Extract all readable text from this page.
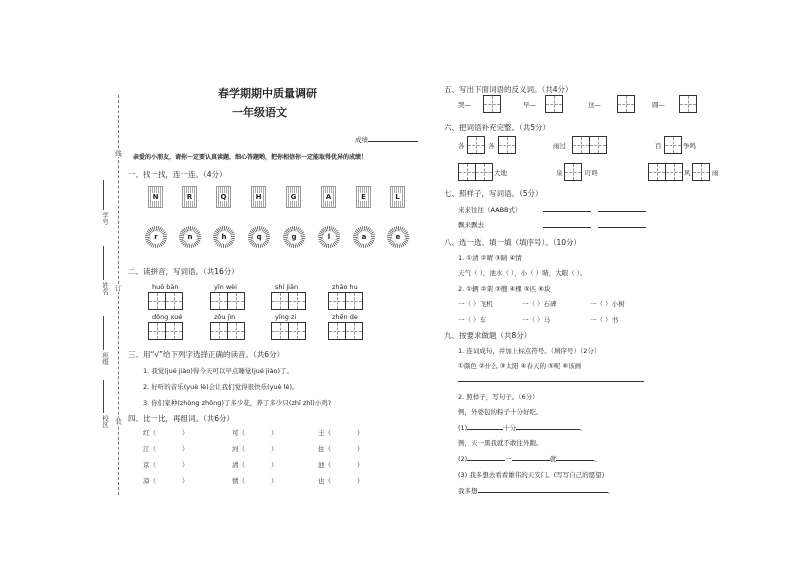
学号
姓名
班级
校区
线
订
装
春学期期中质量调研
一年级语文
成绩
亲爱的小朋友，请你一定要认真读题，细心答题哟，把你相信你一定能取得优异的成绩！
一、找一找，连一连。（4分）
N	R	Q	H	G	A	E	L
r	n	h	q	g	l	a	e
二、读拼音，写词语。（共16分）
huǒ bàn	yīn wèi	shí jiān	zhǎo hu
dōng xué	zǒu jìn	yǐng zi	zhēn de
三、用“√”给下列字选择正确的读音。（共6分）
1. 我觉(jué jiào)得今天可以早点睡觉(jué jiào)了。
2. 好听的音乐(yuè lè)会让我们觉得很快乐(yuè lè)。
3. 你们家种(zhòng zhǒng)了多少花，养了多少只(zhī zhǐ)小鸡?
四、比一比，再组词。（共6分）
红（	）	可（	）	王（	）
江（	）	河（	）	住（	）
京（	）	清（	）	池（	）
凉（	）	情（	）	也（	）
五、写出下面词语的反义词。（共4分）
哭—	早—	这—	圆—
六、把词语补充完整。（共5分）
各	各	雨过	百	争鸣
大地	泉	叮咚	风	雨
七、照样子，写词语。（5分）
来来往往（AABB式）
飘来飘去
八、选一选、填一填（填序号）。（10分）
1. ①清 ②晴 ③睛 ④情
天气（ ），池水（ ），小（ ）睛，大眼（ ）。
2. ①辆 ②架 ③艘 ④棵 ⑤匹 ⑥块
一（ ）飞机	一（ ）石碑	一（ ）小树
一（ ）车	一（ ）马	一（ ）书
九、按要求做题（共8分）
1. 连词成句，并加上标点符号。（填序号）（2分）
①颜色 ②什么 ③太阳 ④春天的 ⑤呢 ⑥该画
2. 照样子，写句子。（6分）
例，外婆包的粽子十分好吃。
(1)	十分	。
例，天一黑我就不敢往外跑。
(2)	一	就	。
(3) 我多想去看看雄伟的天安门。(写写自己的愿望)
我多想	。
